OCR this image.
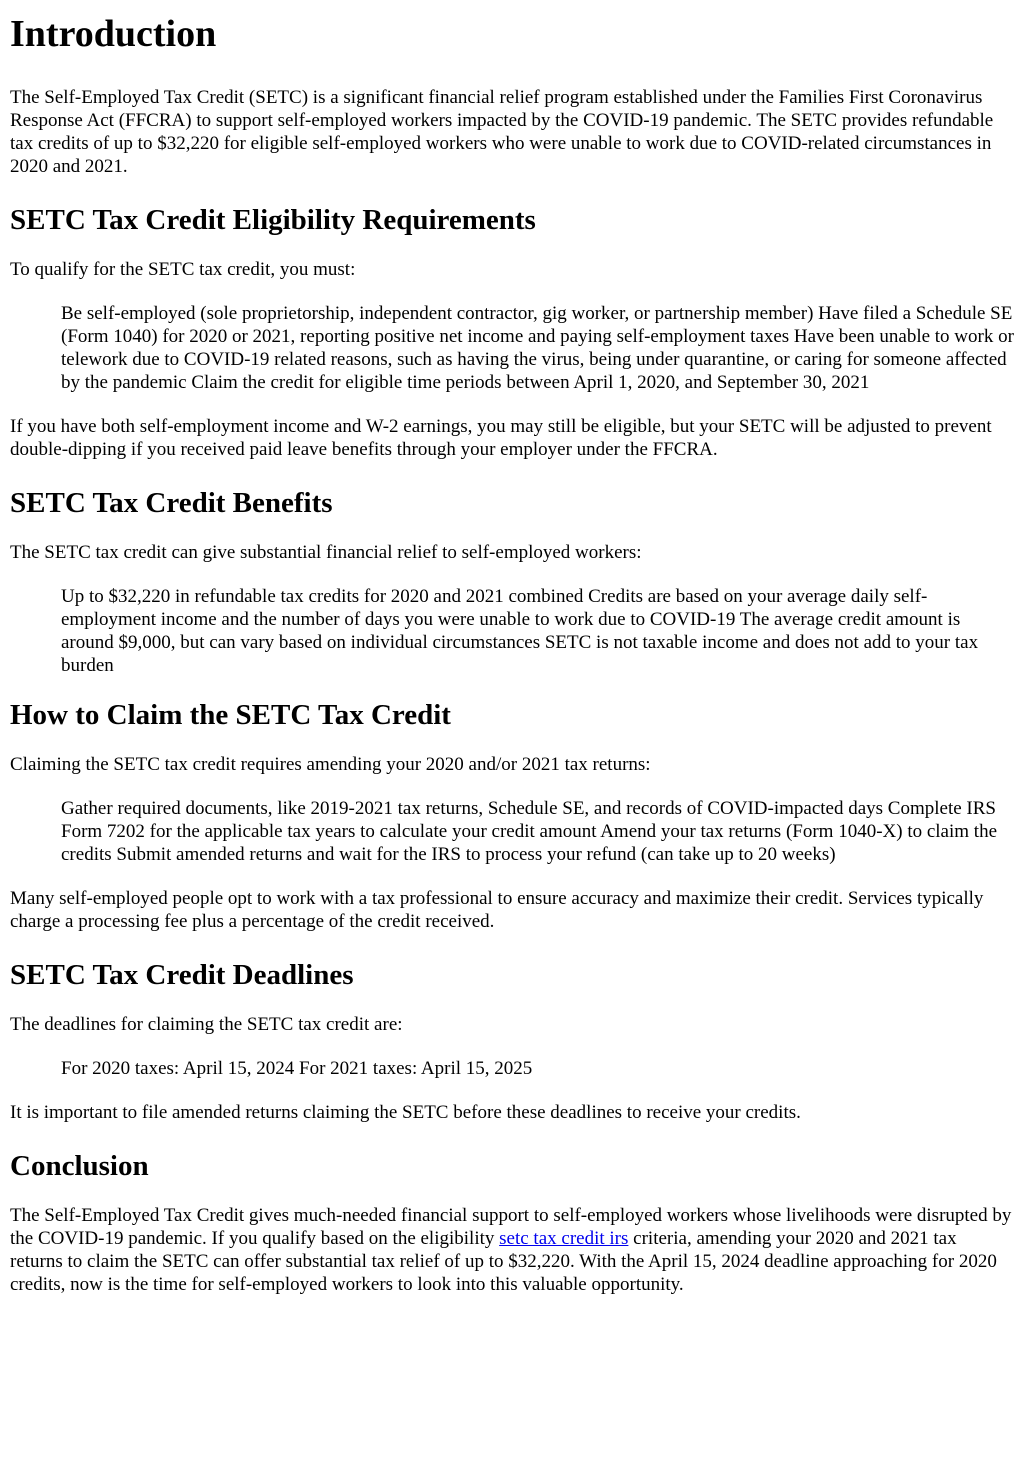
Introduction

The Self-Employed Tax Credit (SETC) is a significant financial relief program established under the Families First Coronavirus Response Act (FFCRA) to support self-employed workers impacted by the COVID-19 pandemic. The SETC provides refundable tax credits of up to $32,220 for eligible self-employed workers who were unable to work due to COVID-related circumstances in 2020 and 2021.

SETC Tax Credit Eligibility Requirements

To qualify for the SETC tax credit, you must:

Be self-employed (sole proprietorship, independent contractor, gig worker, or partnership member) Have filed a Schedule SE (Form 1040) for 2020 or 2021, reporting positive net income and paying self-employment taxes Have been unable to work or telework due to COVID-19 related reasons, such as having the virus, being under quarantine, or caring for someone affected by the pandemic Claim the credit for eligible time periods between April 1, 2020, and September 30, 2021

If you have both self-employment income and W-2 earnings, you may still be eligible, but your SETC will be adjusted to prevent double-dipping if you received paid leave benefits through your employer under the FFCRA.

SETC Tax Credit Benefits

The SETC tax credit can give substantial financial relief to self-employed workers:

Up to $32,220 in refundable tax credits for 2020 and 2021 combined Credits are based on your average daily self-employment income and the number of days you were unable to work due to COVID-19 The average credit amount is around $9,000, but can vary based on individual circumstances SETC is not taxable income and does not add to your tax burden
How to Claim the SETC Tax Credit

Claiming the SETC tax credit requires amending your 2020 and/or 2021 tax returns:

Gather required documents, like 2019-2021 tax returns, Schedule SE, and records of COVID-impacted days Complete IRS Form 7202 for the applicable tax years to calculate your credit amount Amend your tax returns (Form 1040-X) to claim the credits Submit amended returns and wait for the IRS to process your refund (can take up to 20 weeks)

Many self-employed people opt to work with a tax professional to ensure accuracy and maximize their credit. Services typically charge a processing fee plus a percentage of the credit received.

SETC Tax Credit Deadlines

The deadlines for claiming the SETC tax credit are:

For 2020 taxes: April 15, 2024 For 2021 taxes: April 15, 2025

It is important to file amended returns claiming the SETC before these deadlines to receive your credits.

Conclusion

The Self-Employed Tax Credit gives much-needed financial support to self-employed workers whose livelihoods were disrupted by the COVID-19 pandemic. If you qualify based on the eligibility setc tax credit irs criteria, amending your 2020 and 2021 tax returns to claim the SETC can offer substantial tax relief of up to $32,220. With the April 15, 2024 deadline approaching for 2020 credits, now is the time for self-employed workers to look into this valuable opportunity.
